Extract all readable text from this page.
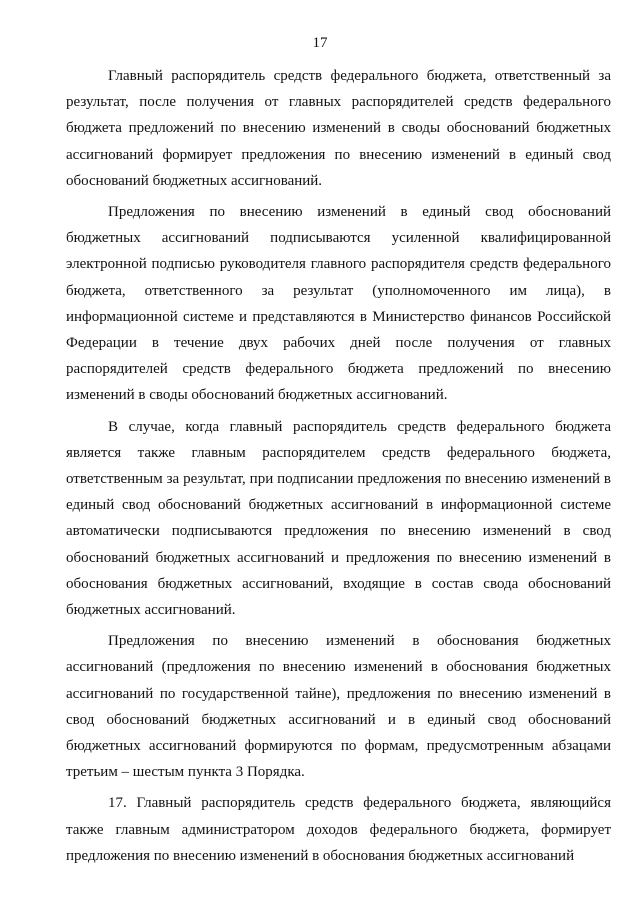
17

Главный распорядитель средств федерального бюджета, ответственный за результат, после получения от главных распорядителей средств федерального бюджета предложений по внесению изменений в своды обоснований бюджетных ассигнований формирует предложения по внесению изменений в единый свод обоснований бюджетных ассигнований.

Предложения по внесению изменений в единый свод обоснований бюджетных ассигнований подписываются усиленной квалифицированной электронной подписью руководителя главного распорядителя средств федерального бюджета, ответственного за результат (уполномоченного им лица), в информационной системе и представляются в Министерство финансов Российской Федерации в течение двух рабочих дней после получения от главных распорядителей средств федерального бюджета предложений по внесению изменений в своды обоснований бюджетных ассигнований.

В случае, когда главный распорядитель средств федерального бюджета является также главным распорядителем средств федерального бюджета, ответственным за результат, при подписании предложения по внесению изменений в единый свод обоснований бюджетных ассигнований в информационной системе автоматически подписываются предложения по внесению изменений в свод обоснований бюджетных ассигнований и предложения по внесению изменений в обоснования бюджетных ассигнований, входящие в состав свода обоснований бюджетных ассигнований.

Предложения по внесению изменений в обоснования бюджетных ассигнований (предложения по внесению изменений в обоснования бюджетных ассигнований по государственной тайне), предложения по внесению изменений в свод обоснований бюджетных ассигнований и в единый свод обоснований бюджетных ассигнований формируются по формам, предусмотренным абзацами третьим – шестым пункта 3 Порядка.

17. Главный распорядитель средств федерального бюджета, являющийся также главным администратором доходов федерального бюджета, формирует предложения по внесению изменений в обоснования бюджетных ассигнований
